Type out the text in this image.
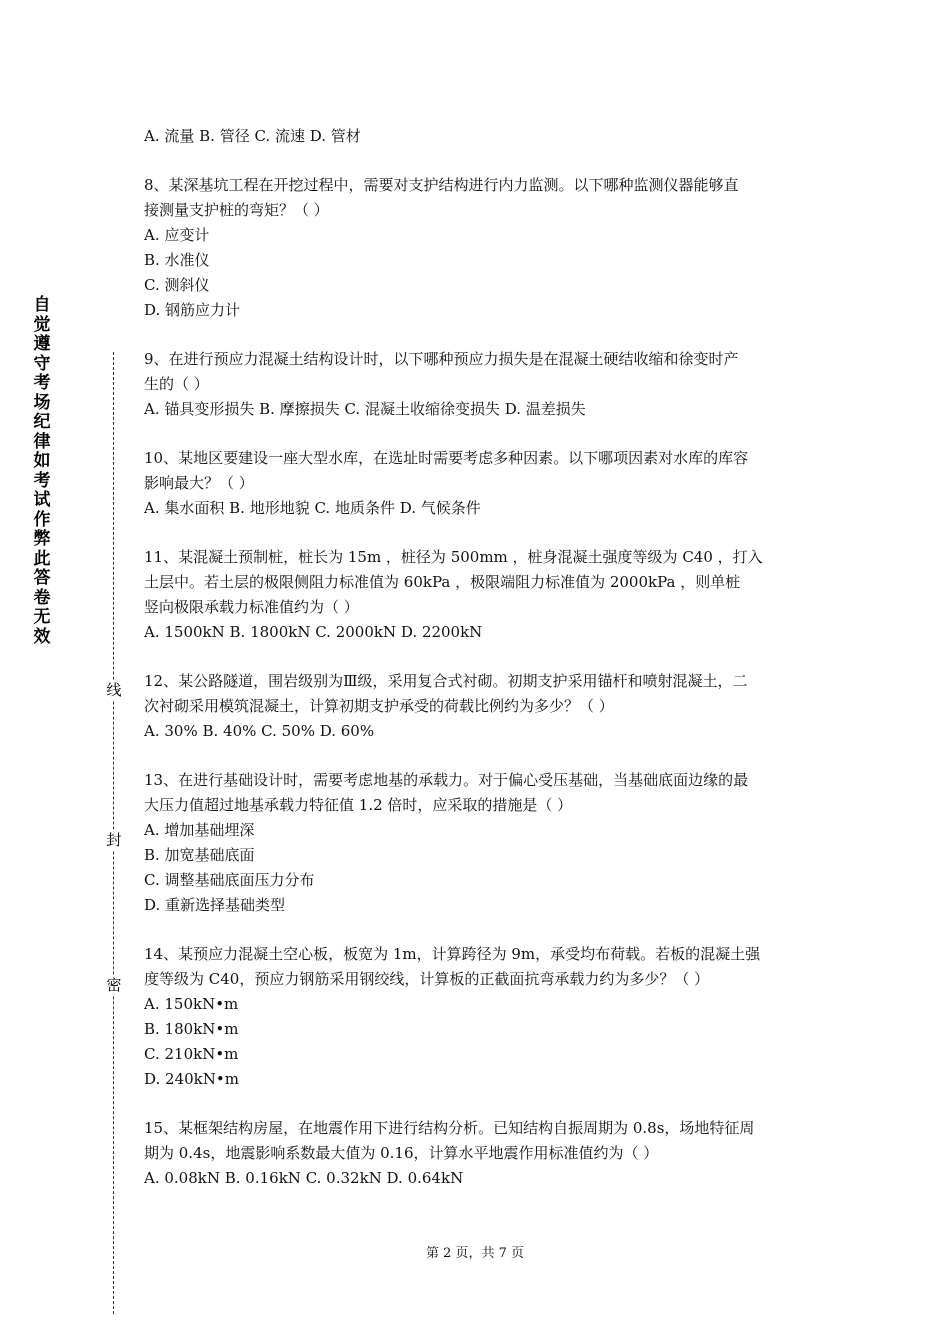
自
觉
遵
守
考
场
纪
律
如
考
试
作
弊
此
答
卷
无
效
线
封
密

A. 流量 B. 管径 C. 流速 D. 管材

8、某深基坑工程在开挖过程中，需要对支护结构进行内力监测。以下哪种监测仪器能够直

接测量支护桩的弯矩？（ ）

A. 应变计

B. 水准仪

C. 测斜仪

D. 钢筋应力计

9、在进行预应力混凝土结构设计时，以下哪种预应力损失是在混凝土硬结收缩和徐变时产

生的（ ）

A. 锚具变形损失 B. 摩擦损失 C. 混凝土收缩徐变损失 D. 温差损失

10、某地区要建设一座大型水库，在选址时需要考虑多种因素。以下哪项因素对水库的库容

影响最大？（ ）

A. 集水面积 B. 地形地貌 C. 地质条件 D. 气候条件

11、某混凝土预制桩，桩长为 15m ，桩径为 500mm ，桩身混凝土强度等级为 C40 ，打入

土层中。若土层的极限侧阻力标准值为 60kPa ，极限端阻力标准值为 2000kPa ，则单桩

竖向极限承载力标准值约为（ ）

A. 1500kN B. 1800kN C. 2000kN D. 2200kN

12、某公路隧道，围岩级别为Ⅲ级，采用复合式衬砌。初期支护采用锚杆和喷射混凝土，二

次衬砌采用模筑混凝土，计算初期支护承受的荷载比例约为多少？（ ）

A. 30% B. 40% C. 50% D. 60%

13、在进行基础设计时，需要考虑地基的承载力。对于偏心受压基础，当基础底面边缘的最

大压力值超过地基承载力特征值 1.2 倍时，应采取的措施是（ ）

A. 增加基础埋深

B. 加宽基础底面

C. 调整基础底面压力分布

D. 重新选择基础类型

14、某预应力混凝土空心板，板宽为 1m，计算跨径为 9m，承受均布荷载。若板的混凝土强

度等级为 C40，预应力钢筋采用钢绞线，计算板的正截面抗弯承载力约为多少？（ ）

A. 150kN•m

B. 180kN•m

C. 210kN•m

D. 240kN•m

15、某框架结构房屋，在地震作用下进行结构分析。已知结构自振周期为 0.8s，场地特征周

期为 0.4s，地震影响系数最大值为 0.16，计算水平地震作用标准值约为（ ）

A. 0.08kN B. 0.16kN C. 0.32kN D. 0.64kN

第 2 页，共 7 页
